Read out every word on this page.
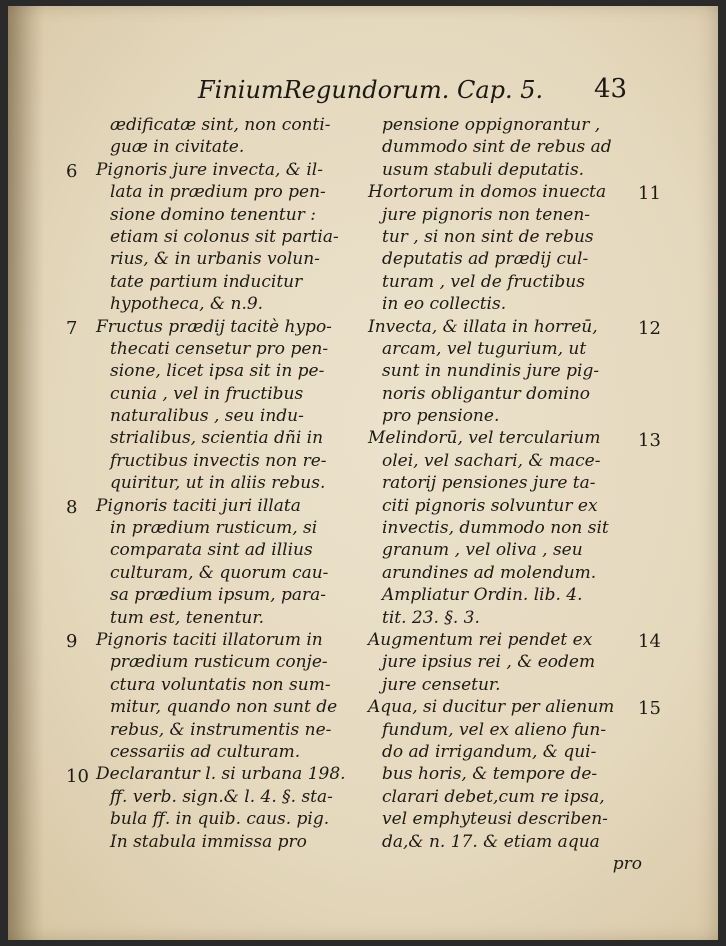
FiniumRegundorum. Cap. 5. 43
ædificatæ sint, non conti-
guæ in civitate.
Pignoris jure invecta, & il-
lata in prædium pro pen-
sione domino tenentur :
etiam si colonus sit partia-
rius, & in urbanis volun-
tate partium inducitur
hypotheca, & n.9.
Fructus prædij tacitè hypo-
thecati censetur pro pen-
sione, licet ipsa sit in pe-
cunia , vel in fructibus
naturalibus , seu indu-
strialibus, scientia dñi in
fructibus invectis non re-
quiritur, ut in aliis rebus.
Pignoris taciti juri illata
in prædium rusticum, si
comparata sint ad illius
culturam, & quorum cau-
sa prædium ipsum, para-
tum est, tenentur.
Pignoris taciti illatorum in
prædium rusticum conje-
ctura voluntatis non sum-
mitur, quando non sunt de
rebus, & instrumentis ne-
cessariis ad culturam.
Declarantur l. si urbana 198.
ff. verb. sign.& l. 4. §. sta-
bula ff. in quib. caus. pig.
In stabula immissa pro
pensione oppignorantur ,
dummodo sint de rebus ad
usum stabuli deputatis.
Hortorum in domos inuecta
jure pignoris non tenen-
tur , si non sint de rebus
deputatis ad prædij cul-
turam , vel de fructibus
in eo collectis.
Invecta, & illata in horreū,
arcam, vel tugurium, ut
sunt in nundinis jure pig-
noris obligantur domino
pro pensione.
Melindorū, vel tercularium
olei, vel sachari, & mace-
ratorij pensiones jure ta-
citi pignoris solvuntur ex
invectis, dummodo non sit
granum , vel oliva , seu
arundines ad molendum.
Ampliatur Ordin. lib. 4.
tit. 23. §. 3.
Augmentum rei pendet ex
jure ipsius rei , & eodem
jure censetur.
Aqua, si ducitur per alienum
fundum, vel ex alieno fun-
do ad irrigandum, & qui-
bus horis, & tempore de-
clarari debet,cum re ipsa,
vel emphyteusi describen-
da,& n. 17. & etiam aqua
pro
6
7
8
9
10
11
12
13
14
15
